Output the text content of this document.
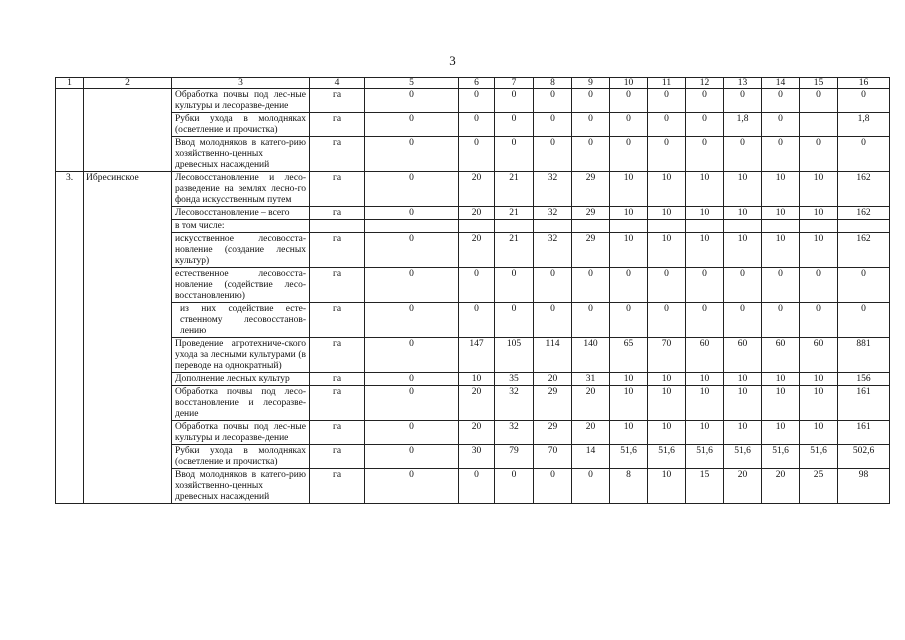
3
1	2	3	4	5	6	7	8	9	10	11	12	13	14	15	16
		Обработка почвы под лес-ные культуры и лесоразве-дение	га	0	0	0	0	0	0	0	0	0	0	0	0
		Рубки ухода в молодняках (осветление и прочистка)	га	0	0	0	0	0	0	0	0	1,8	0		1,8
		Ввод молодняков в катего-рию хозяйственно-ценных древесных насаждений	га	0	0	0	0	0	0	0	0	0	0	0	0
3.	Ибресинское	Лесовосстановление и лесо-разведение на землях лесно-го фонда искусственным путем	га	0	20	21	32	29	10	10	10	10	10	10	162
		Лесовосстановление – всего	га	0	20	21	32	29	10	10	10	10	10	10	162
		в том числе:													
		искусственное лесовосста-новление (создание лесных культур)	га	0	20	21	32	29	10	10	10	10	10	10	162
		естественное лесовосста-новление (содействие лесо-восстановлению)	га	0	0	0	0	0	0	0	0	0	0	0	0
		из них содействие есте-ственному лесовосстанов-лению	га	0	0	0	0	0	0	0	0	0	0	0	0
		Проведение агротехниче-ского ухода за лесными культурами (в переводе на однократный)	га	0	147	105	114	140	65	70	60	60	60	60	881
		Дополнение лесных культур	га	0	10	35	20	31	10	10	10	10	10	10	156
		Обработка почвы под лесо-восстановление и лесоразве-дение	га	0	20	32	29	20	10	10	10	10	10	10	161
		Обработка почвы под лес-ные культуры и лесоразве-дение	га	0	20	32	29	20	10	10	10	10	10	10	161
		Рубки ухода в молодняках (осветление и прочистка)	га	0	30	79	70	14	51,6	51,6	51,6	51,6	51,6	51,6	502,6
		Ввод молодняков в катего-рию хозяйственно-ценных древесных насаждений	га	0	0	0	0	0	8	10	15	20	20	25	98
